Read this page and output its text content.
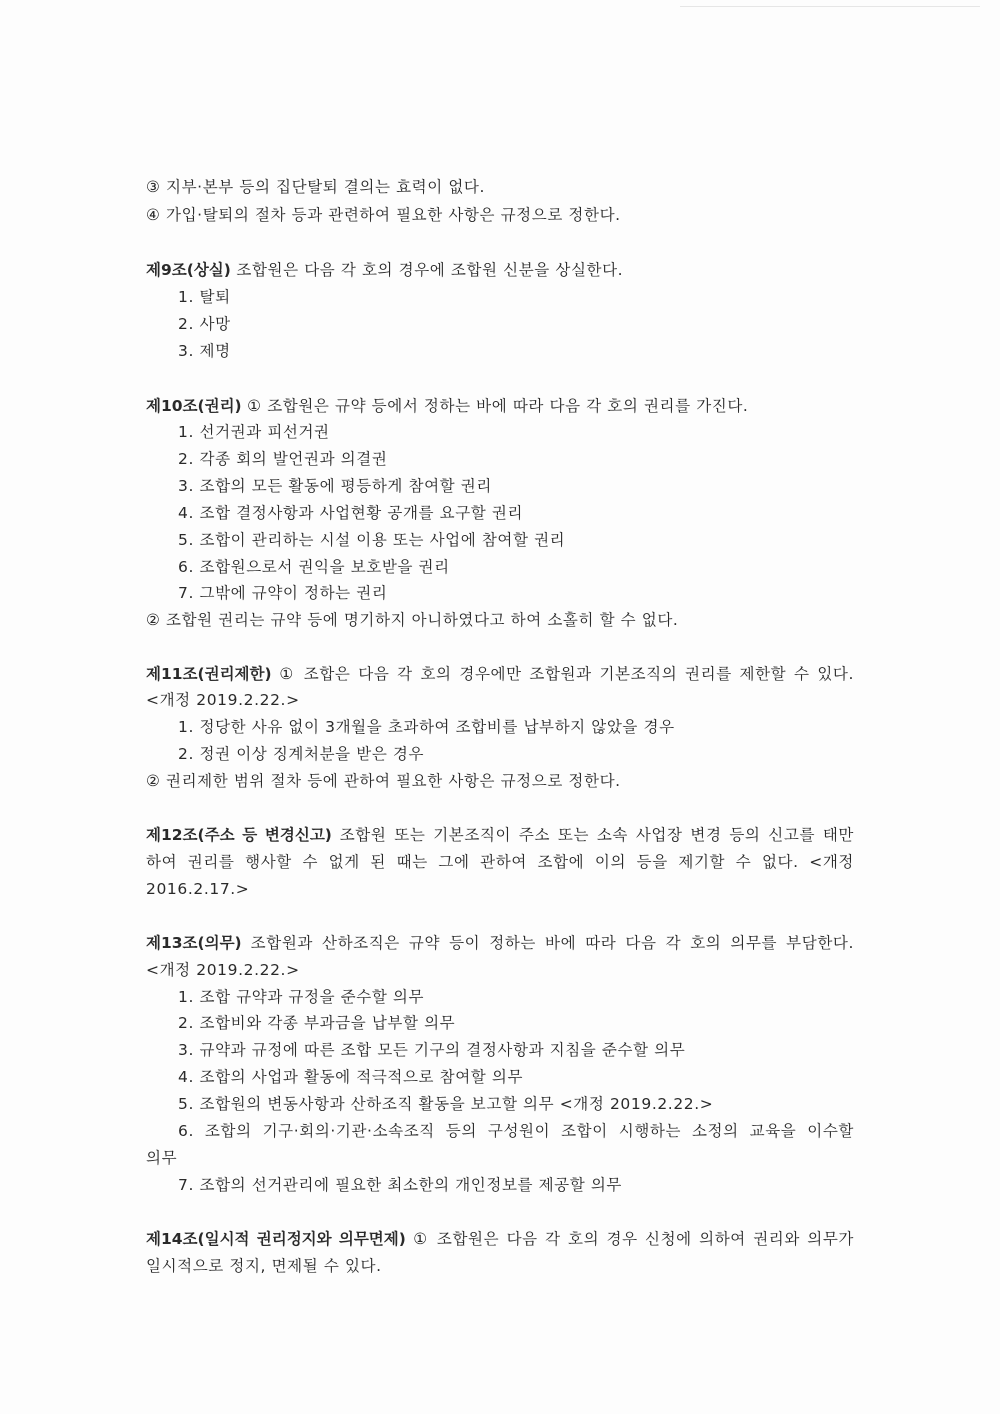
③ 지부·본부 등의 집단탈퇴 결의는 효력이 없다.
④ 가입·탈퇴의 절차 등과 관련하여 필요한 사항은 규정으로 정한다.
제9조(상실) 조합원은 다음 각 호의 경우에 조합원 신분을 상실한다.
1. 탈퇴
2. 사망
3. 제명
제10조(권리) ① 조합원은 규약 등에서 정하는 바에 따라 다음 각 호의 권리를 가진다.
1. 선거권과 피선거권
2. 각종 회의 발언권과 의결권
3. 조합의 모든 활동에 평등하게 참여할 권리
4. 조합 결정사항과 사업현황 공개를 요구할 권리
5. 조합이 관리하는 시설 이용 또는 사업에 참여할 권리
6. 조합원으로서 권익을 보호받을 권리
7. 그밖에 규약이 정하는 권리
② 조합원 권리는 규약 등에 명기하지 아니하였다고 하여 소홀히 할 수 없다.
제11조(권리제한) ① 조합은 다음 각 호의 경우에만 조합원과 기본조직의 권리를 제한할 수 있다.
<개정 2019.2.22.>
1. 정당한 사유 없이 3개월을 초과하여 조합비를 납부하지 않았을 경우
2. 정권 이상 징계처분을 받은 경우
② 권리제한 범위 절차 등에 관하여 필요한 사항은 규정으로 정한다.
제12조(주소 등 변경신고) 조합원 또는 기본조직이 주소 또는 소속 사업장 변경 등의 신고를 태만
하여 권리를 행사할 수 없게 된 때는 그에 관하여 조합에 이의 등을 제기할 수 없다. <개정
2016.2.17.>
제13조(의무) 조합원과 산하조직은 규약 등이 정하는 바에 따라 다음 각 호의 의무를 부담한다.
<개정 2019.2.22.>
1. 조합 규약과 규정을 준수할 의무
2. 조합비와 각종 부과금을 납부할 의무
3. 규약과 규정에 따른 조합 모든 기구의 결정사항과 지침을 준수할 의무
4. 조합의 사업과 활동에 적극적으로 참여할 의무
5. 조합원의 변동사항과 산하조직 활동을 보고할 의무 <개정 2019.2.22.>
6. 조합의 기구·회의·기관·소속조직 등의 구성원이 조합이 시행하는 소정의 교육을 이수할
의무
7. 조합의 선거관리에 필요한 최소한의 개인정보를 제공할 의무
제14조(일시적 권리정지와 의무면제) ① 조합원은 다음 각 호의 경우 신청에 의하여 권리와 의무가
일시적으로 정지, 면제될 수 있다.
